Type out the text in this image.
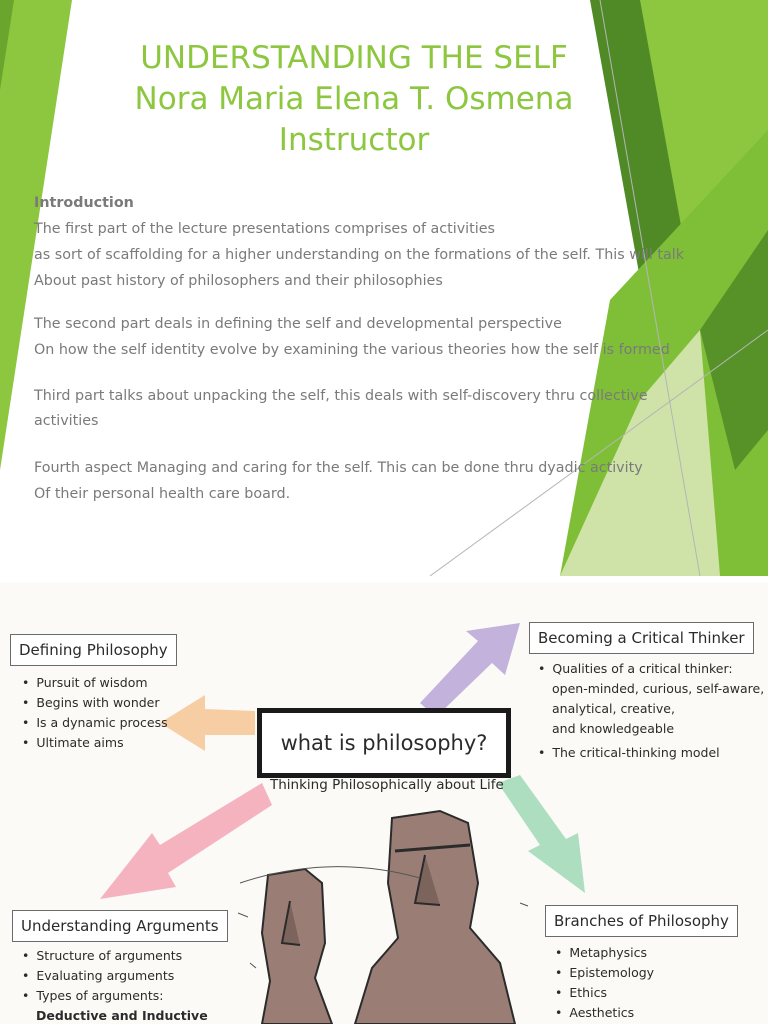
UNDERSTANDING THE SELF
Nora Maria Elena T. Osmena
Instructor

Introduction

The first part of the lecture presentations comprises of activities

as sort of scaffolding for a higher understanding on the formations of the self. This will talk

About past history of philosophers and their philosophies

The second part deals in defining the self and developmental perspective

On how the self identity evolve by examining the various theories how the self is formed

Third part talks about unpacking the self, this deals with self-discovery thru collective activities

Fourth aspect Managing and caring for the self. This can be done thru dyadic activity

Of their personal health care board.

what is philosophy?
Thinking Philosophically about Life
Defining Philosophy
• Pursuit of wisdom
• Begins with wonder
• Is a dynamic process
• Ultimate aims
Becoming a Critical Thinker
• Qualities of a critical thinker:
open-minded, curious, self-aware,
analytical, creative,
and knowledgeable
• The critical-thinking model
Understanding Arguments
• Structure of arguments
• Evaluating arguments
• Types of arguments:
Deductive and Inductive
Branches of Philosophy
• Metaphysics
• Epistemology
• Ethics
• Aesthetics
